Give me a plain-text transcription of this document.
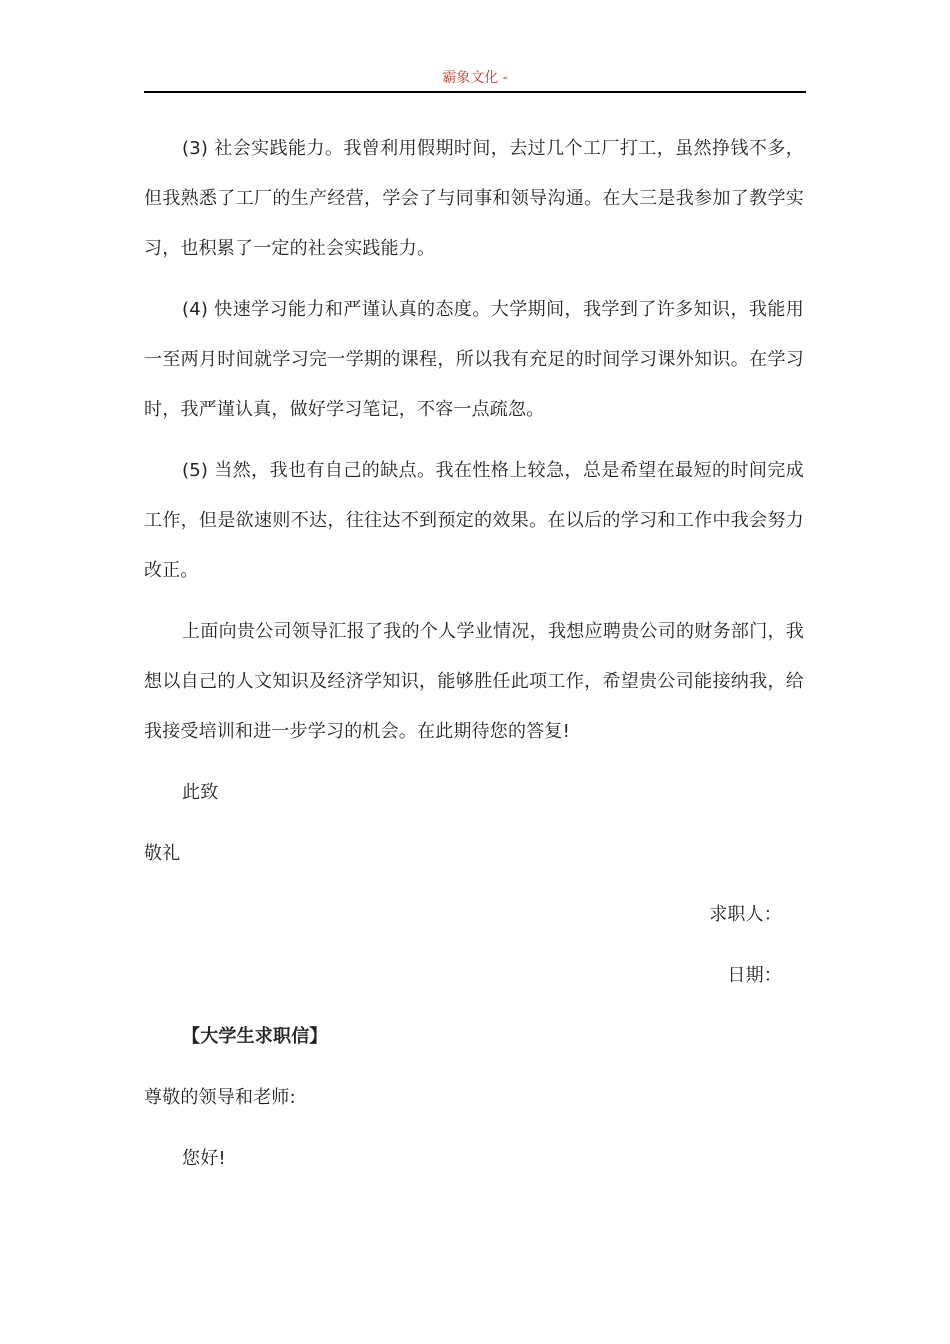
霸象文化 -

(3) 社会实践能力。我曾利用假期时间，去过几个工厂打工，虽然挣钱不多，但我熟悉了工厂的生产经营，学会了与同事和领导沟通。在大三是我参加了教学实习，也积累了一定的社会实践能力。

(4) 快速学习能力和严谨认真的态度。大学期间，我学到了许多知识，我能用一至两月时间就学习完一学期的课程，所以我有充足的时间学习课外知识。在学习时，我严谨认真，做好学习笔记，不容一点疏忽。

(5) 当然，我也有自己的缺点。我在性格上较急，总是希望在最短的时间完成工作，但是欲速则不达，往往达不到预定的效果。在以后的学习和工作中我会努力改正。

上面向贵公司领导汇报了我的个人学业情况，我想应聘贵公司的财务部门，我想以自己的人文知识及经济学知识，能够胜任此项工作，希望贵公司能接纳我，给我接受培训和进一步学习的机会。在此期待您的答复!

此致

敬礼

求职人：

日期：

【大学生求职信】

尊敬的领导和老师:

您好!
